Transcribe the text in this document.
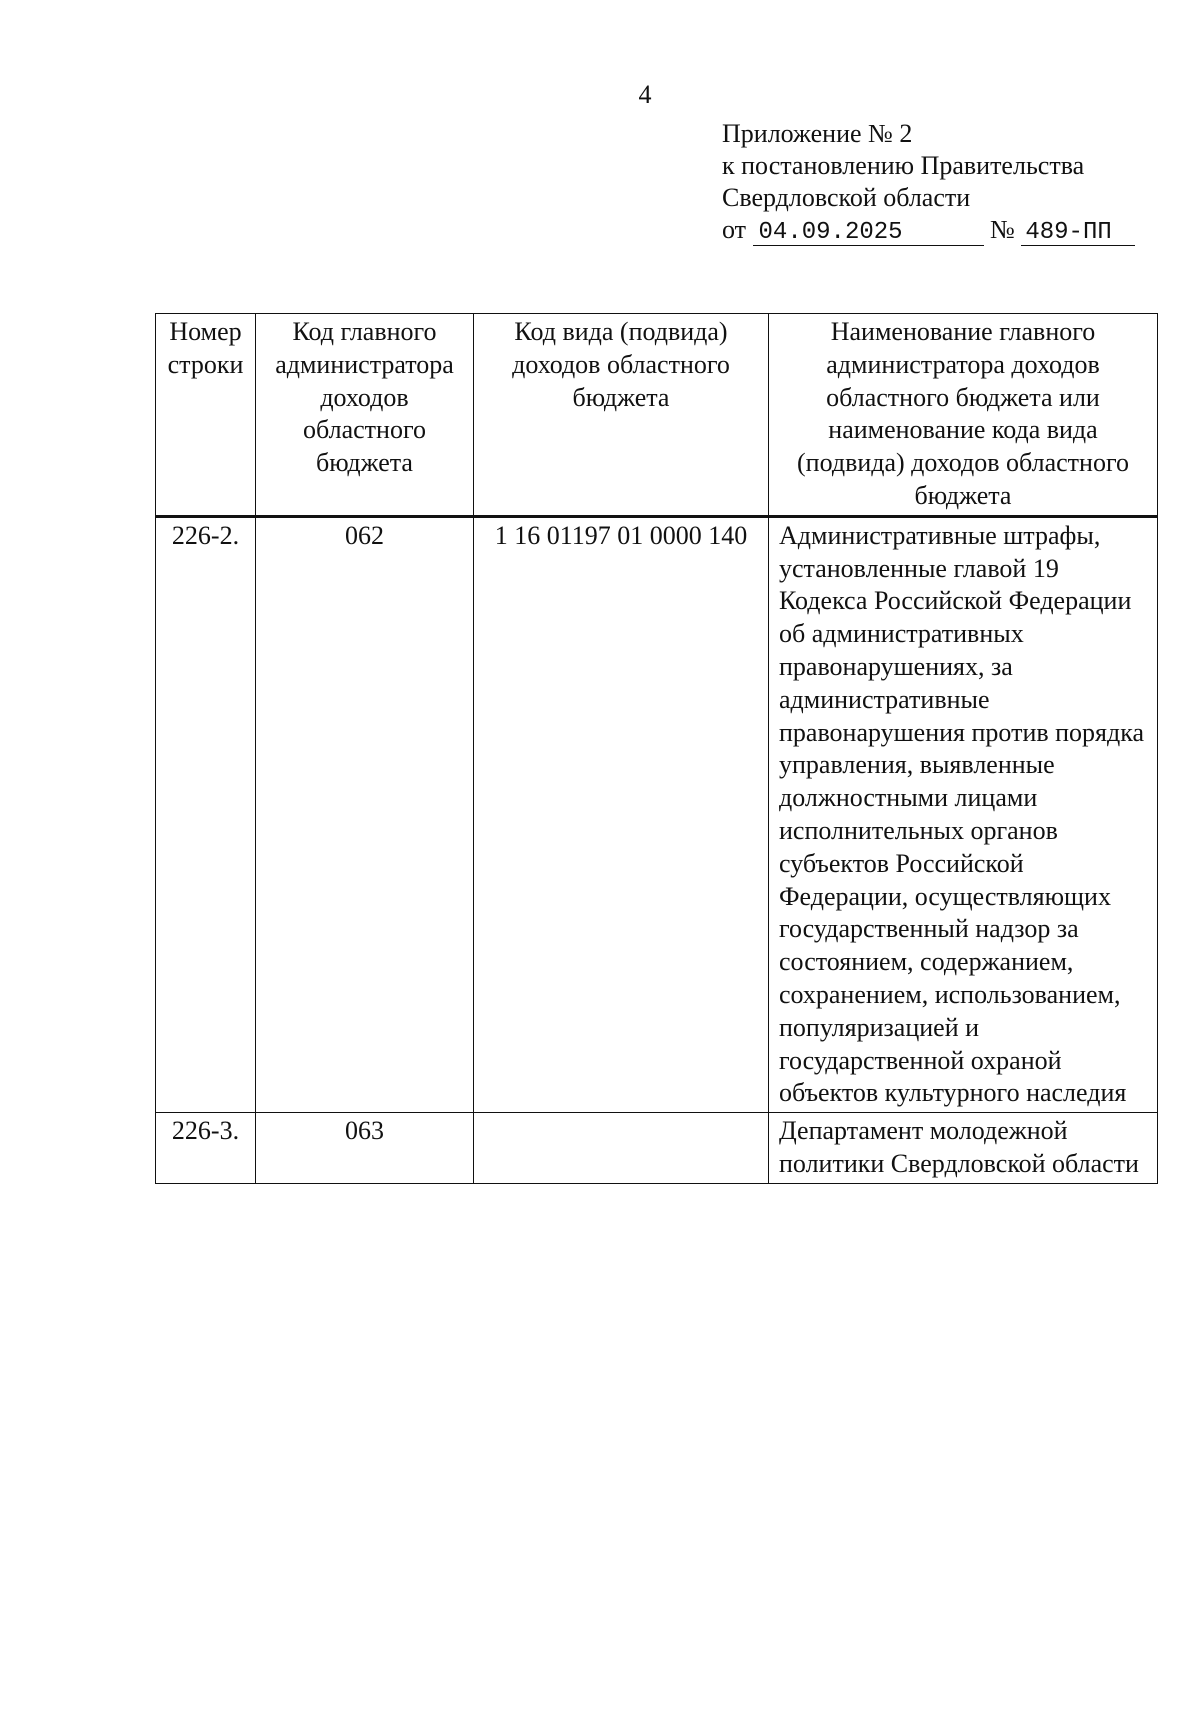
4
Приложение № 2
к постановлению Правительства
Свердловской области
от 04.09.2025	№ 489-ПП
Номер строки	Код главного администратора доходов областного бюджета	Код вида (подвида) доходов областного бюджета	Наименование главного администратора доходов областного бюджета или наименование кода вида (подвида) доходов областного бюджета
226-2.	062	1 16 01197 01 0000 140	Административные штрафы, установленные главой 19 Кодекса Российской Федерации об административных правонарушениях, за административные правонарушения против порядка управления, выявленные должностными лицами исполнительных органов субъектов Российской Федерации, осуществляющих государственный надзор за состоянием, содержанием, сохранением, использованием, популяризацией и государственной охраной объектов культурного наследия
226-3.	063		Департамент молодежной политики Свердловской области
